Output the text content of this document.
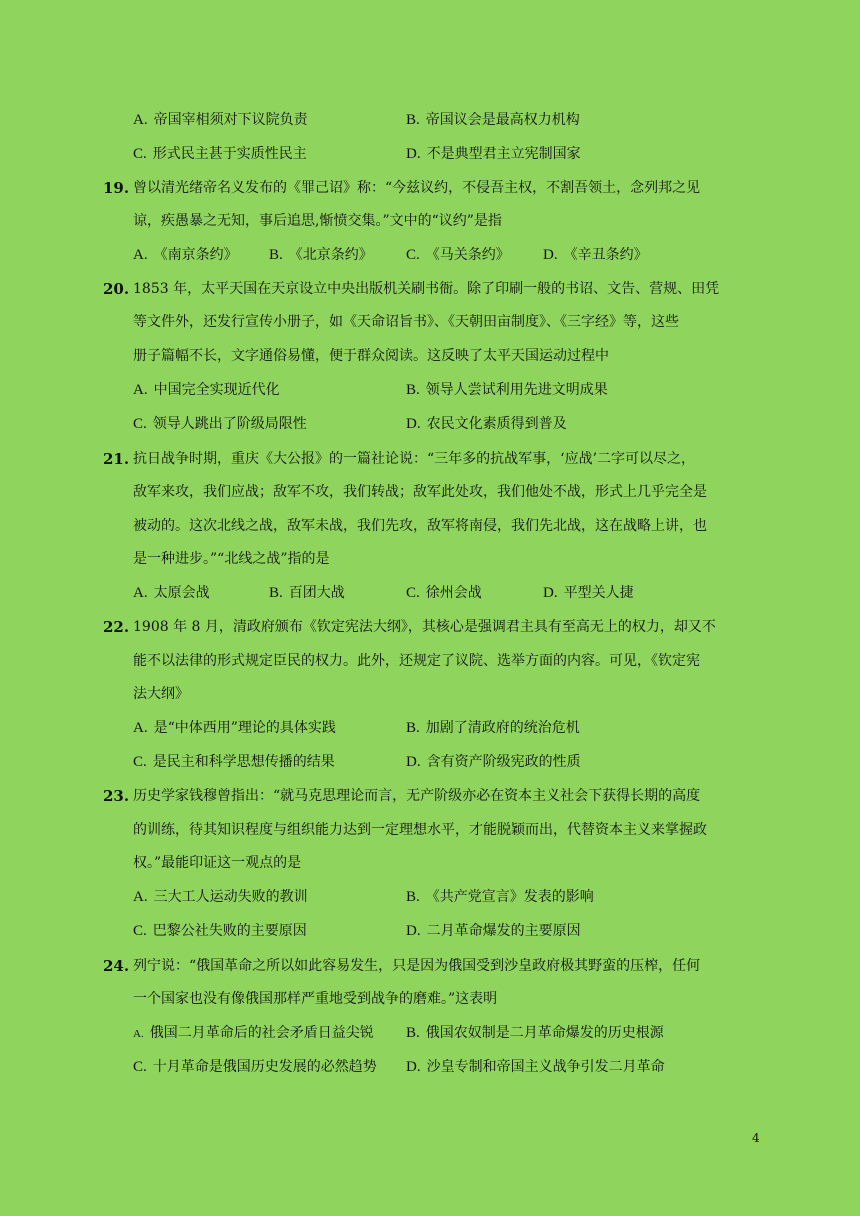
A. 帝国宰相须对下议院负责	B. 帝国议会是最高权力机构
C. 形式民主甚于实质性民主	D. 不是典型君主立宪制国家
19. 曾以清光绪帝名义发布的《罪己诏》称：“今兹议约，不侵吾主权，不割吾领土，念列邦之见
谅，疾愚暴之无知，事后追思,惭愤交集。”文中的“议约”是指
A. 《南京条约》 B. 《北京条约》 C. 《马关条约》 D. 《辛丑条约》
20. 1853 年，太平天国在天京设立中央出版机关刷书衙。除了印刷一般的书诏、文告、营规、田凭
等文件外，还发行宣传小册子，如《天命诏旨书》、《天朝田亩制度》、《三字经》等，这些
册子篇幅不长，文字通俗易懂，便于群众阅读。这反映了太平天国运动过程中
A. 中国完全实现近代化	B. 领导人尝试利用先进文明成果
C. 领导人跳出了阶级局限性	D. 农民文化素质得到普及
21. 抗日战争时期，重庆《大公报》的一篇社论说：“三年多的抗战军事，‘应战’二字可以尽之，
敌军来攻，我们应战；敌军不攻，我们转战；敌军此处攻，我们他处不战，形式上几乎完全是
被动的。这次北线之战，敌军未战，我们先攻，敌军将南侵，我们先北战，这在战略上讲，也
是一种进步。”“北线之战”指的是
A. 太原会战	B. 百团大战	C. 徐州会战	D. 平型关人捷
22. 1908 年 8 月，清政府颁布《钦定宪法大纲》，其核心是强调君主具有至高无上的权力，却又不
能不以法律的形式规定臣民的权力。此外，还规定了议院、选举方面的内容。可见，《钦定宪
法大纲》
A. 是“中体西用”理论的具体实践	B. 加剧了清政府的统治危机
C. 是民主和科学思想传播的结果	D. 含有资产阶级宪政的性质
23. 历史学家钱穆曾指出：“就马克思理论而言，无产阶级亦必在资本主义社会下获得长期的高度
的训练，待其知识程度与组织能力达到一定理想水平，才能脱颖而出，代替资本主义来掌握政
权。”最能印证这一观点的是
A. 三大工人运动失败的教训	B. 《共产党宣言》发表的影响
C. 巴黎公社失败的主要原因	D. 二月革命爆发的主要原因
24. 列宁说：“俄国革命之所以如此容易发生，只是因为俄国受到沙皇政府极其野蛮的压榨，任何
一个国家也没有像俄国那样严重地受到战争的磨难。”这表明
A. 俄国二月革命后的社会矛盾日益尖锐 B. 俄国农奴制是二月革命爆发的历史根源
C. 十月革命是俄国历史发展的必然趋势 D. 沙皇专制和帝国主义战争引发二月革命
4
